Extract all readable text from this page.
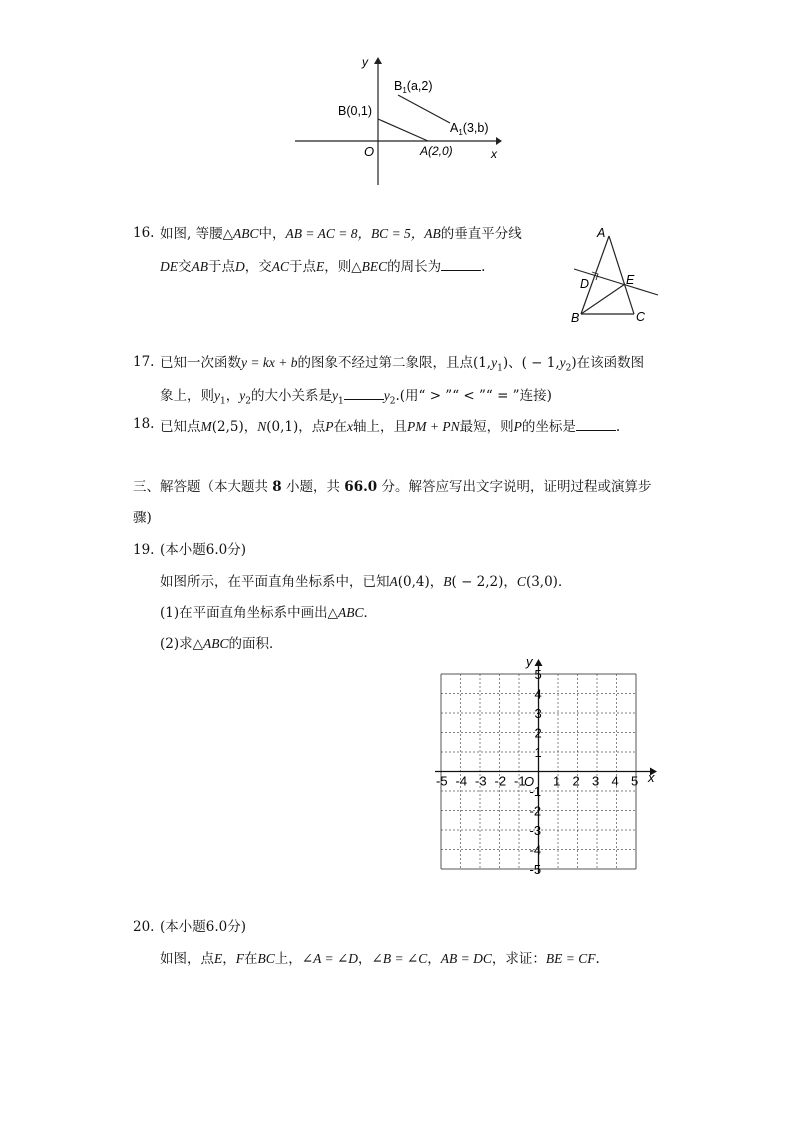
y
x
O
B(0,1)
A(2,0)
$B_1(a,2)$
$A_1(3,b)$
16. 如图, 等腰△ABC中，AB = AC = 8，BC = 5，AB的垂直平分线
DE交AB于点D，交AC于点E，则△BEC的周长为	.
A
B	C
D	E
17. 已知一次函数y = kx + b的图象不经过第二象限，且点$(1,y_1)$、( − $1,y_2$)在该函数图
象上，则$y_1$，$y_2$的大小关系是$y_1$	$y_2$.(用“ > ”“ < ”“ = ”连接)
18. 已知点M(2,5)，N(0,1)，点P在x轴上，且PM + PN最短，则P的坐标是	.
三、解答题（本大题共 8 小题，共 66.0 分。解答应写出文字说明，证明过程或演算步
骤)
19. (本小题6.0分)
如图所示，在平面直角坐标系中，已知A(0,4)，B( − 2,2)，C(3,0)．
(1)在平面直角坐标系中画出△ABC．
(2)求△ABC的面积．
-5 -4 -3 -2 -1 1 2 3 4 5
5
4
3
2
1
-1
-2
-3
-4
-5
y
x
O
20. (本小题6.0分)
如图，点E，F在BC上，∠A = ∠D，∠B = ∠C，AB = DC，求证：BE = CF.
